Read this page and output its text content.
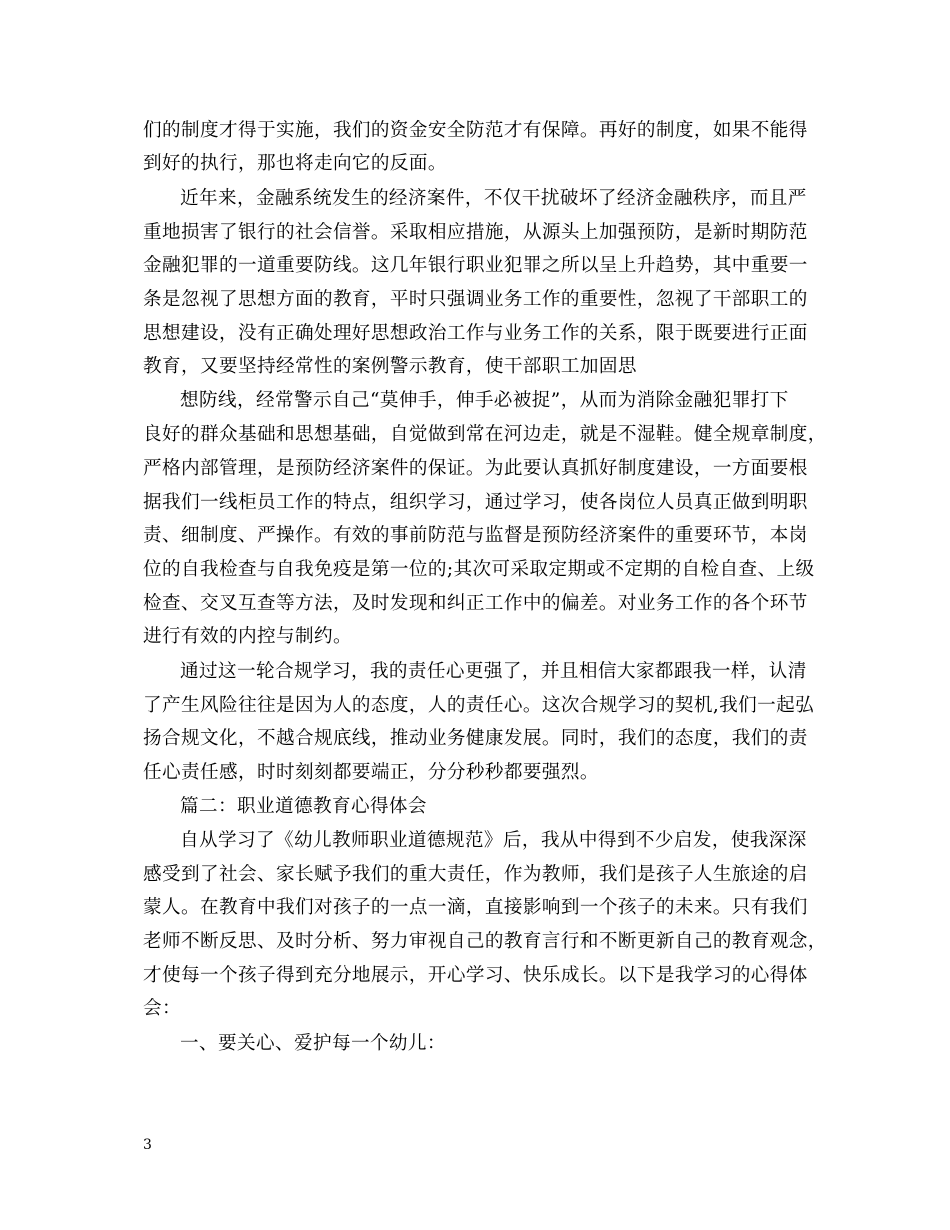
们的制度才得于实施，我们的资金安全防范才有保障。再好的制度，如果不能得
到好的执行，那也将走向它的反面。
近年来，金融系统发生的经济案件，不仅干扰破坏了经济金融秩序，而且严
重地损害了银行的社会信誉。采取相应措施，从源头上加强预防，是新时期防范
金融犯罪的一道重要防线。这几年银行职业犯罪之所以呈上升趋势，其中重要一
条是忽视了思想方面的教育，平时只强调业务工作的重要性，忽视了干部职工的
思想建设，没有正确处理好思想政治工作与业务工作的关系，限于既要进行正面
教育，又要坚持经常性的案例警示教育，使干部职工加固思
想防线，经常警示自己“莫伸手，伸手必被捉”，从而为消除金融犯罪打下
良好的群众基础和思想基础，自觉做到常在河边走，就是不湿鞋。健全规章制度，
严格内部管理，是预防经济案件的保证。为此要认真抓好制度建设，一方面要根
据我们一线柜员工作的特点，组织学习，通过学习，使各岗位人员真正做到明职
责、细制度、严操作。有效的事前防范与监督是预防经济案件的重要环节，本岗
位的自我检查与自我免疫是第一位的;其次可采取定期或不定期的自检自查、上级
检查、交叉互查等方法，及时发现和纠正工作中的偏差。对业务工作的各个环节
进行有效的内控与制约。
通过这一轮合规学习，我的责任心更强了，并且相信大家都跟我一样，认清
了产生风险往往是因为人的态度，人的责任心。这次合规学习的契机,我们一起弘
扬合规文化，不越合规底线，推动业务健康发展。同时，我们的态度，我们的责
任心责任感，时时刻刻都要端正，分分秒秒都要强烈。
篇二：职业道德教育心得体会
自从学习了《幼儿教师职业道德规范》后，我从中得到不少启发，使我深深
感受到了社会、家长赋予我们的重大责任，作为教师，我们是孩子人生旅途的启
蒙人。在教育中我们对孩子的一点一滴，直接影响到一个孩子的未来。只有我们
老师不断反思、及时分析、努力审视自己的教育言行和不断更新自己的教育观念，
才使每一个孩子得到充分地展示，开心学习、快乐成长。以下是我学习的心得体
会：
一、要关心、爱护每一个幼儿：
3
